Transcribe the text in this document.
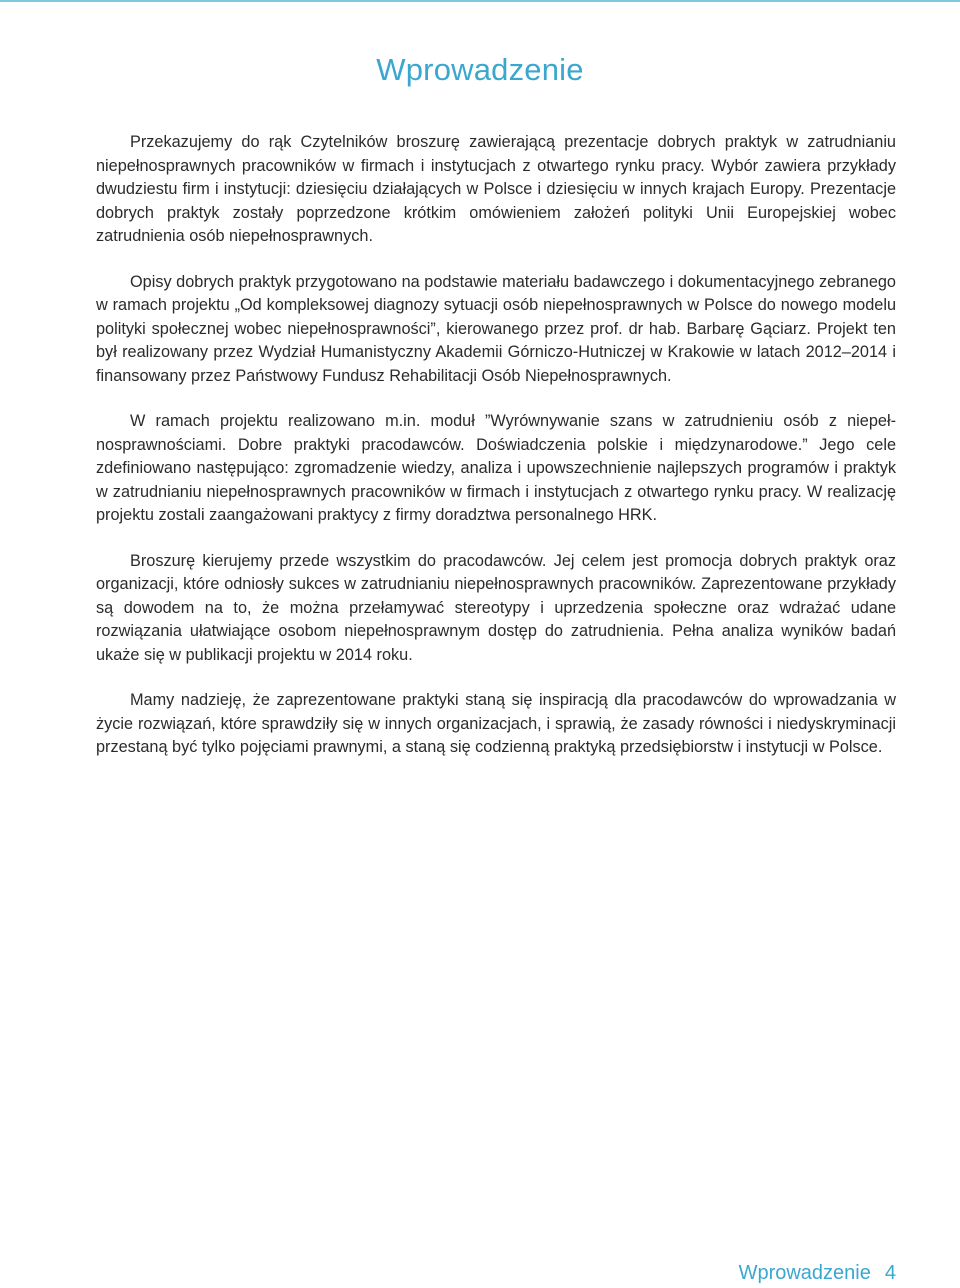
Wprowadzenie

Przekazujemy do rąk Czytelników broszurę zawierającą prezentacje dobrych praktyk w zatrudnianiu niepełnosprawnych pracowników w firmach i instytucjach z otwartego rynku pracy. Wybór zawiera przykłady dwudziestu firm i instytucji: dziesięciu działających w Polsce i dziesięciu w innych krajach Europy. Prezentacje dobrych praktyk zostały poprzedzone krótkim omówieniem założeń polityki Unii Europejskiej wobec zatrudnienia osób niepełnosprawnych.

Opisy dobrych praktyk przygotowano na podstawie materiału badawczego i dokumentacyjnego zebranego w ramach projektu „Od kompleksowej diagnozy sytuacji osób niepełnosprawnych w Polsce do nowego modelu polityki społecznej wobec niepełnosprawności”, kierowanego przez prof. dr hab. Barbarę Gąciarz. Projekt ten był realizowany przez Wydział Humanistyczny Akademii Górniczo-Hutniczej w Krakowie w latach 2012–2014 i finansowany przez Państwowy Fundusz Rehabilitacji Osób Niepełnosprawnych.

W ramach projektu realizowano m.in. moduł ”Wyrównywanie szans w zatrudnieniu osób z niepełnosprawnościami. Dobre praktyki pracodawców. Doświadczenia polskie i międzynarodowe.” Jego cele zdefiniowano następująco: zgromadzenie wiedzy, analiza i upowszechnienie najlepszych programów i praktyk w zatrudnianiu niepełnosprawnych pracowników w firmach i instytucjach z otwartego rynku pracy. W realizację projektu zostali zaangażowani praktycy z firmy doradztwa personalnego HRK.

Broszurę kierujemy przede wszystkim do pracodawców. Jej celem jest promocja dobrych praktyk oraz organizacji, które odniosły sukces w zatrudnianiu niepełnosprawnych pracowników. Zaprezentowane przykłady są dowodem na to, że można przełamywać stereotypy i uprzedzenia społeczne oraz wdrażać udane rozwiązania ułatwiające osobom niepełnosprawnym dostęp do zatrudnienia. Pełna analiza wyników badań ukaże się w publikacji projektu w 2014 roku.

Mamy nadzieję, że zaprezentowane praktyki staną się inspiracją dla pracodawców do wprowadzania w życie rozwiązań, które sprawdziły się w innych organizacjach, i sprawią, że zasady równości i niedyskryminacji przestaną być tylko pojęciami prawnymi, a staną się codzienną praktyką przedsiębiorstw i instytucji w Polsce.

Wprowadzenie 4
